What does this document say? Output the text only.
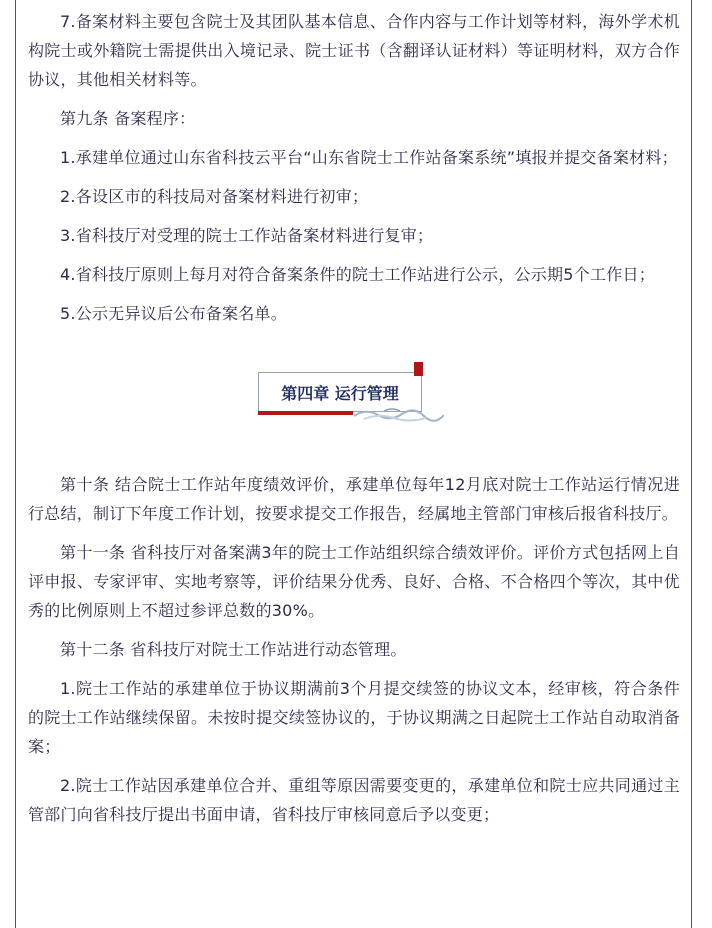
7.备案材料主要包含院士及其团队基本信息、合作内容与工作计划等材料，海外学术机构院士或外籍院士需提供出入境记录、院士证书（含翻译认证材料）等证明材料，双方合作协议，其他相关材料等。

第九条 备案程序：

1.承建单位通过山东省科技云平台“山东省院士工作站备案系统”填报并提交备案材料；

2.各设区市的科技局对备案材料进行初审；

3.省科技厅对受理的院士工作站备案材料进行复审；

4.省科技厅原则上每月对符合备案条件的院士工作站进行公示，公示期5个工作日；

5.公示无异议后公布备案名单。

第四章 运行管理

第十条 结合院士工作站年度绩效评价，承建单位每年12月底对院士工作站运行情况进行总结，制订下年度工作计划，按要求提交工作报告，经属地主管部门审核后报省科技厅。

第十一条 省科技厅对备案满3年的院士工作站组织综合绩效评价。评价方式包括网上自评申报、专家评审、实地考察等，评价结果分优秀、良好、合格、不合格四个等次，其中优秀的比例原则上不超过参评总数的30%。

第十二条 省科技厅对院士工作站进行动态管理。

1.院士工作站的承建单位于协议期满前3个月提交续签的协议文本，经审核，符合条件的院士工作站继续保留。未按时提交续签协议的，于协议期满之日起院士工作站自动取消备案；

2.院士工作站因承建单位合并、重组等原因需要变更的，承建单位和院士应共同通过主管部门向省科技厅提出书面申请，省科技厅审核同意后予以变更；
